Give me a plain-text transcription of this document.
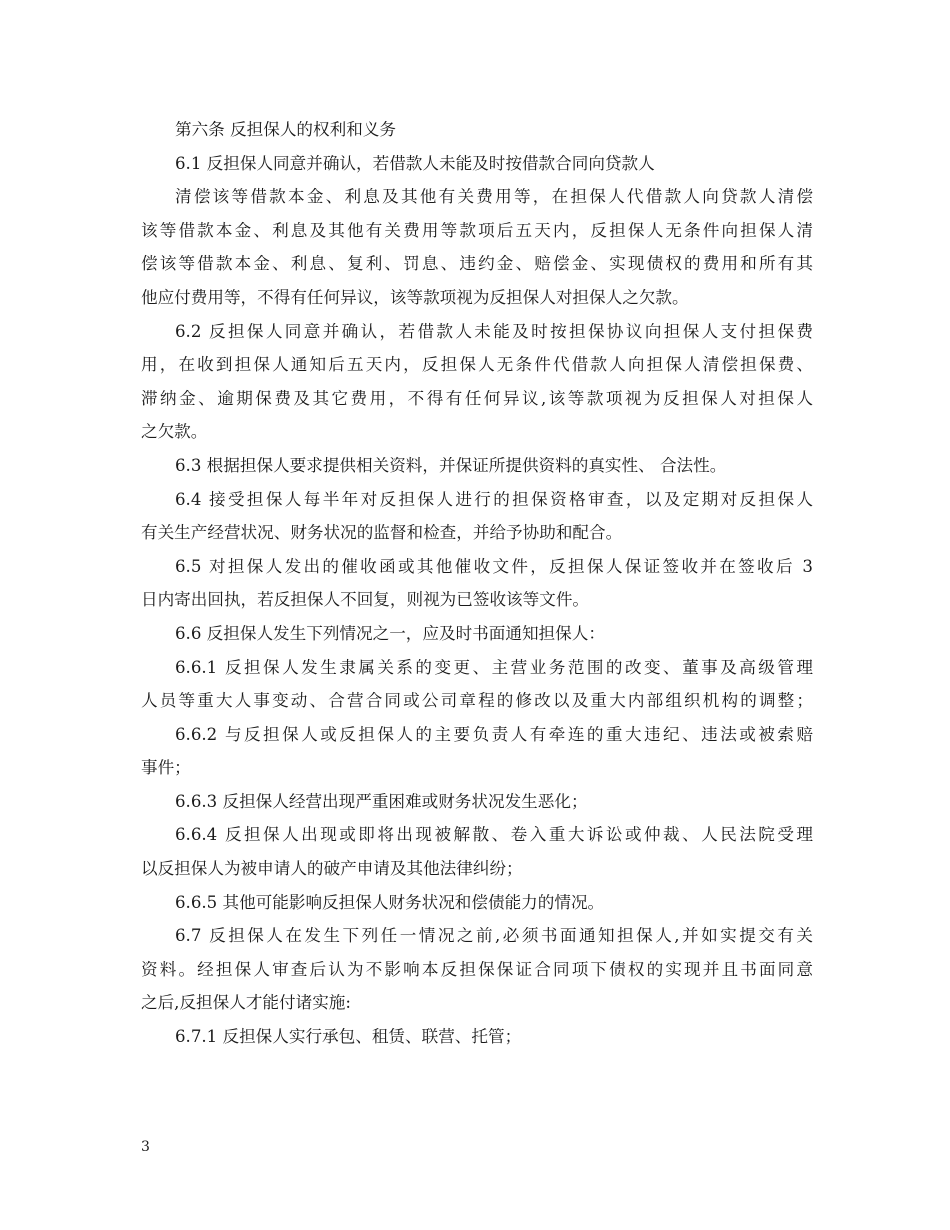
第六条 反担保人的权利和义务
6.1 反担保人同意并确认，若借款人未能及时按借款合同向贷款人
清偿该等借款本金、利息及其他有关费用等，在担保人代借款人向贷款人清偿
该等借款本金、利息及其他有关费用等款项后五天内，反担保人无条件向担保人清
偿该等借款本金、利息、复利、罚息、违约金、赔偿金、实现债权的费用和所有其
他应付费用等，不得有任何异议，该等款项视为反担保人对担保人之欠款。
6.2 反担保人同意并确认，若借款人未能及时按担保协议向担保人支付担保费
用，在收到担保人通知后五天内，反担保人无条件代借款人向担保人清偿担保费、
滞纳金、逾期保费及其它费用，不得有任何异议,该等款项视为反担保人对担保人
之欠款。
6.3 根据担保人要求提供相关资料，并保证所提供资料的真实性、 合法性。
6.4 接受担保人每半年对反担保人进行的担保资格审查，以及定期对反担保人
有关生产经营状况、财务状况的监督和检查，并给予协助和配合。
6.5 对担保人发出的催收函或其他催收文件，反担保人保证签收并在签收后 3
日内寄出回执，若反担保人不回复，则视为已签收该等文件。
6.6 反担保人发生下列情况之一，应及时书面通知担保人：
6.6.1 反担保人发生隶属关系的变更、主营业务范围的改变、董事及高级管理
人员等重大人事变动、合营合同或公司章程的修改以及重大内部组织机构的调整；
6.6.2 与反担保人或反担保人的主要负责人有牵连的重大违纪、违法或被索赔
事件；
6.6.3 反担保人经营出现严重困难或财务状况发生恶化；
6.6.4 反担保人出现或即将出现被解散、卷入重大诉讼或仲裁、人民法院受理
以反担保人为被申请人的破产申请及其他法律纠纷；
6.6.5 其他可能影响反担保人财务状况和偿债能力的情况。
6.7 反担保人在发生下列任一情况之前,必须书面通知担保人,并如实提交有关
资料。经担保人审查后认为不影响本反担保保证合同项下债权的实现并且书面同意
之后,反担保人才能付诸实施:
6.7.1 反担保人实行承包、租赁、联营、托管；
3
